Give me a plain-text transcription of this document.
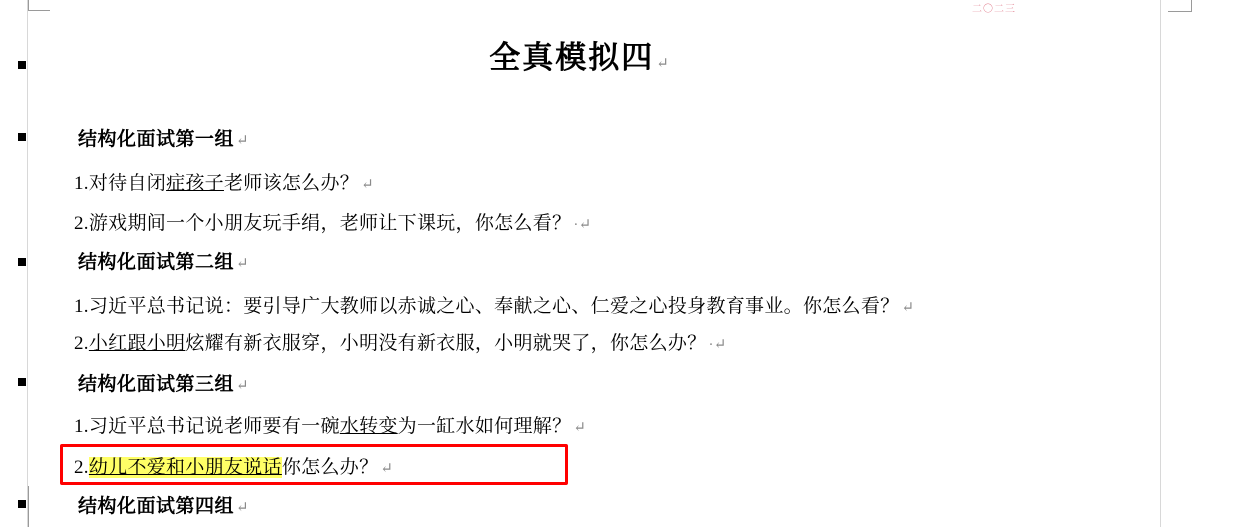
二〇二三
全真模拟四 ↵
结构化面试第一组 ↵
1.对待自闭症孩子老师该怎么办？ ↵
2.游戏期间一个小朋友玩手绢，老师让下课玩，你怎么看？ ·↵
结构化面试第二组 ↵
1.习近平总书记说：要引导广大教师以赤诚之心、奉献之心、仁爱之心投身教育事业。你怎么看？ ↵
2.小红跟小明炫耀有新衣服穿，小明没有新衣服，小明就哭了，你怎么办？ ·↵
结构化面试第三组 ↵
1.习近平总书记说老师要有一碗水转变为一缸水如何理解？ ↵
2.幼儿不爱和小朋友说话你怎么办？ ↵
结构化面试第四组 ↵
